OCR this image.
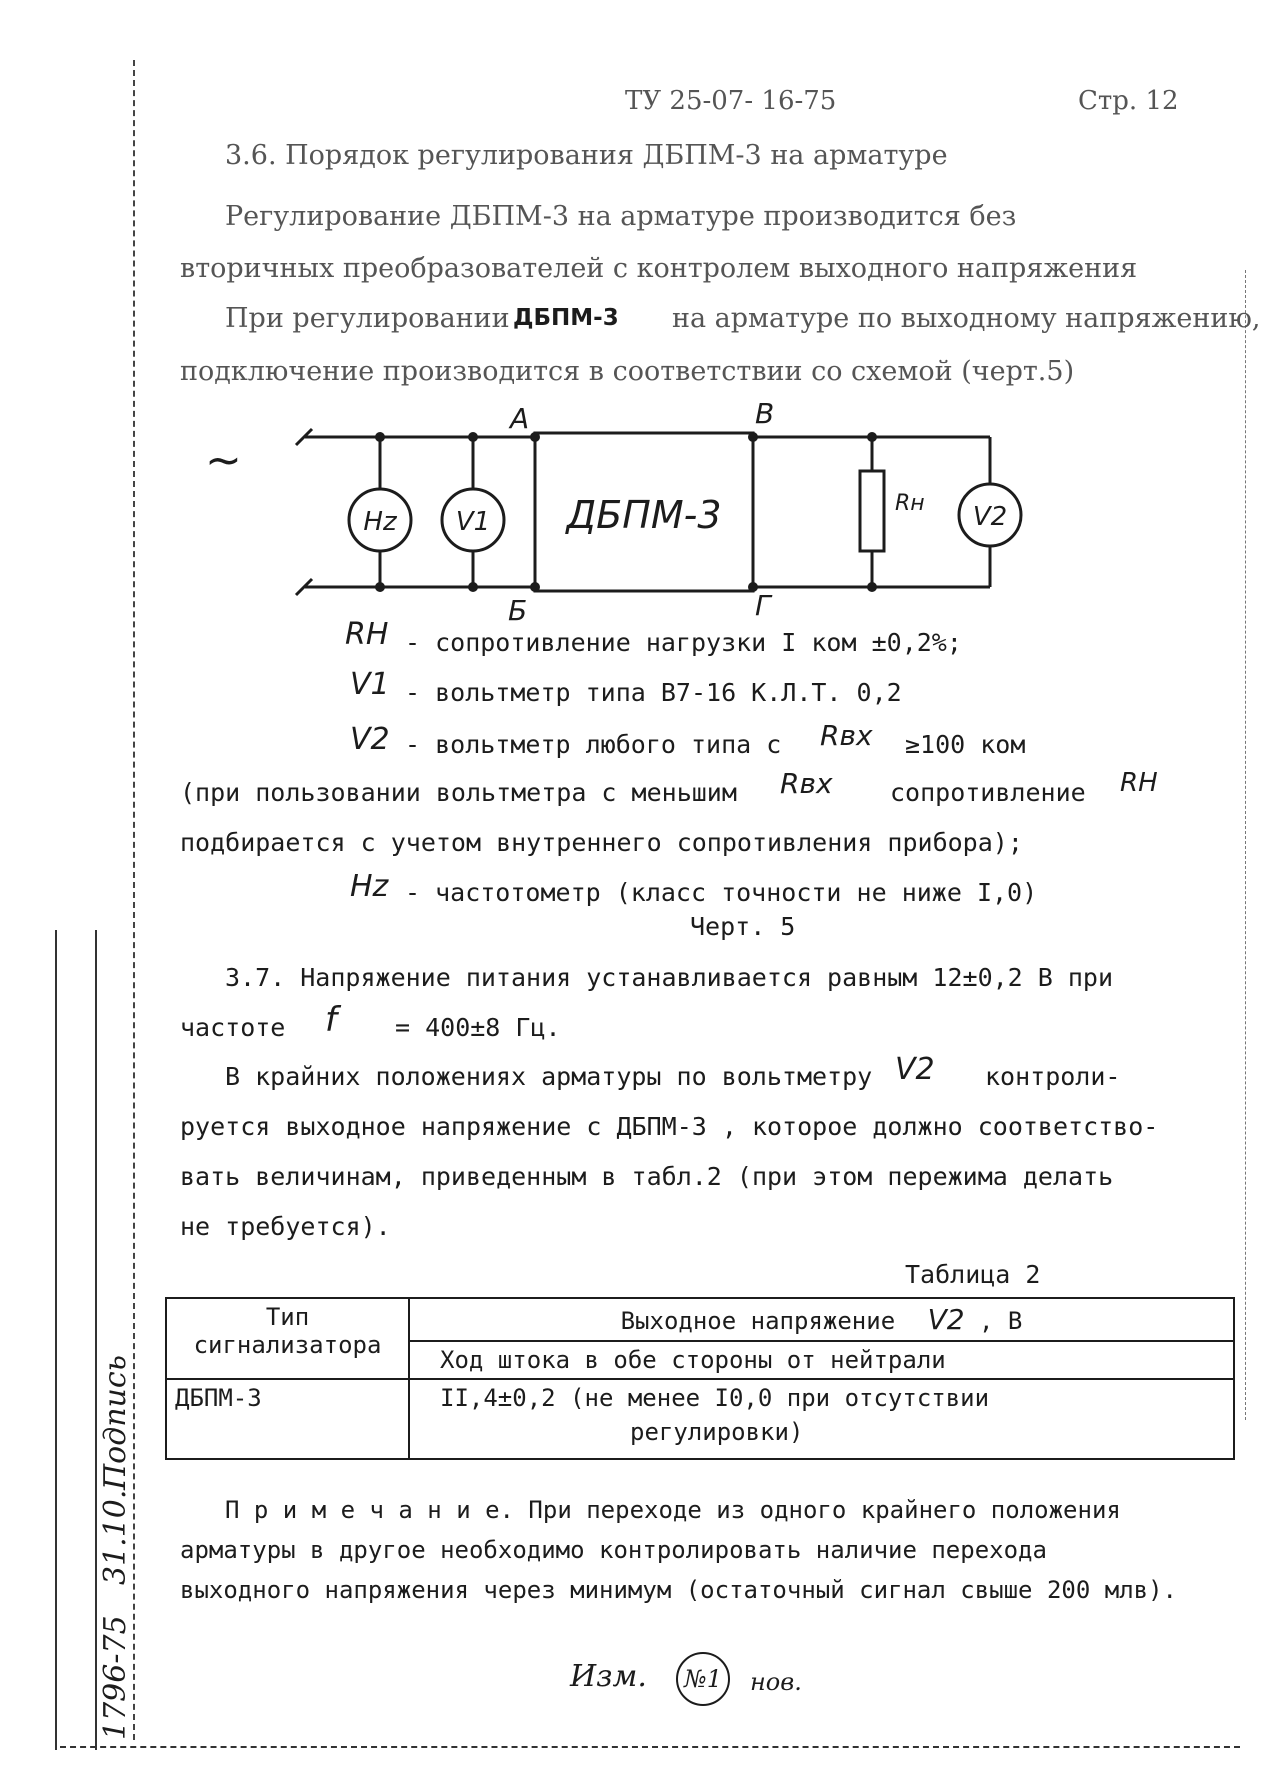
ТУ 25-07- 16-75	Стр. 12
3.6. Порядок регулирования ДБПМ-3 на арматуре
Регулирование ДБПМ-3 на арматуре производится без
вторичных преобразователей с контролем выходного напряжения
При регулировании ДБПМ-3 на арматуре по выходному напряжению,
подключение производится в соответствии со схемой (черт.5)
~
А	В
Б	Г
Hz V1 ДБПМ-3	Rн V2
RH - сопротивление нагрузки I ком ±0,2%;
V1 - вольтметр типа В7-16 К.Л.Т. 0,2
V2 - вольтметр любого типа с Rвх ≥100 ком
(при пользовании вольтметра с меньшим Rвх сопротивление RH
подбирается с учетом внутреннего сопротивления прибора);
Hz - частотометр (класс точности не ниже I,0)
Черт. 5
3.7. Напряжение питания устанавливается равным 12±0,2 В при
частоте f = 400±8 Гц.
В крайних положениях арматуры по вольтметру V2 контроли-
руется выходное напряжение с ДБПМ-3 , которое должно соответство-
вать величинам, приведенным в табл.2 (при этом пережима делать
не требуется).
Таблица 2
Тип сигнализатора	Выходное напряжение V2 , В
	Ход штока в обе стороны от нейтрали
ДБПМ-3	II,4±0,2 (не менее I0,0 при отсутствии
регулировки)
П р и м е ч а н и е. При переходе из одного крайнего положения
арматуры в другое необходимо контролировать наличие перехода
выходного напряжения через минимум (остаточный сигнал свыше 200 млв).
Изм.	№1	нов.
1796-75
31.10.
Подпись
